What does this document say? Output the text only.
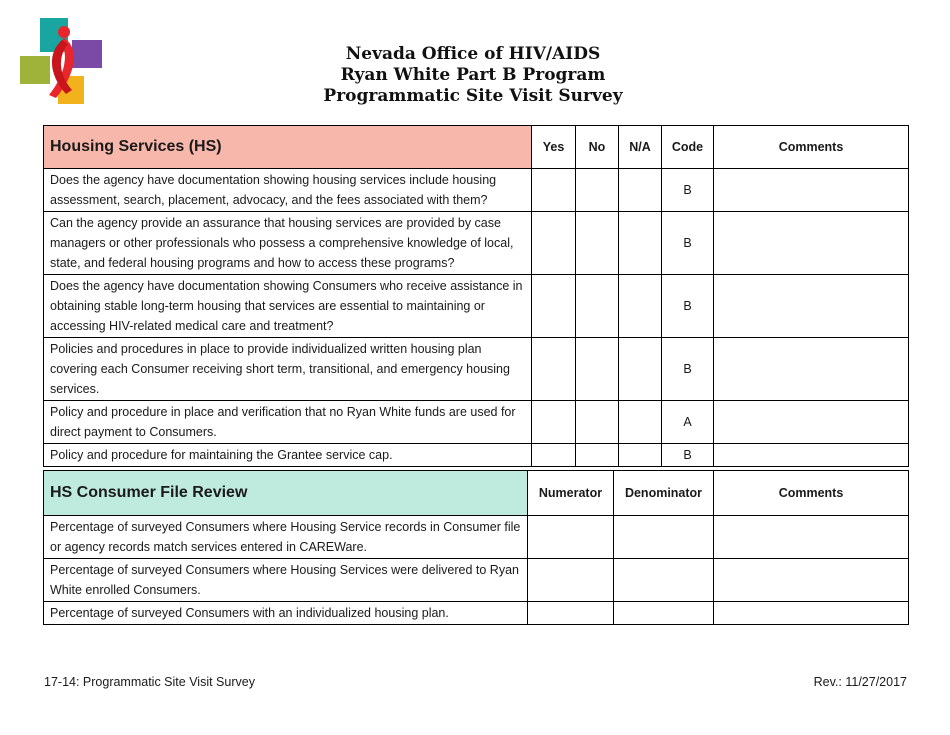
Nevada Office of HIV/AIDS
Ryan White Part B Program
Programmatic Site Visit Survey
Housing Services (HS)	Yes	No	N/A	Code	Comments
Does the agency have documentation showing housing services include housing assessment, search, placement, advocacy, and the fees associated with them?				B	
Can the agency provide an assurance that housing services are provided by case managers or other professionals who possess a comprehensive knowledge of local, state, and federal housing programs and how to access these programs?				B	
Does the agency have documentation showing Consumers who receive assistance in obtaining stable long-term housing that services are essential to maintaining or accessing HIV-related medical care and treatment?				B	
Policies and procedures in place to provide individualized written housing plan covering each Consumer receiving short term, transitional, and emergency housing services.				B	
Policy and procedure in place and verification that no Ryan White funds are used for direct payment to Consumers.				A	
Policy and procedure for maintaining the Grantee service cap.				B	
HS Consumer File Review	Numerator	Denominator	Comments
Percentage of surveyed Consumers where Housing Service records in Consumer file or agency records match services entered in CAREWare.			
Percentage of surveyed Consumers where Housing Services were delivered to Ryan White enrolled Consumers.			
Percentage of surveyed Consumers with an individualized housing plan.			
17-14: Programmatic Site Visit Survey	Rev.: 11/27/2017
